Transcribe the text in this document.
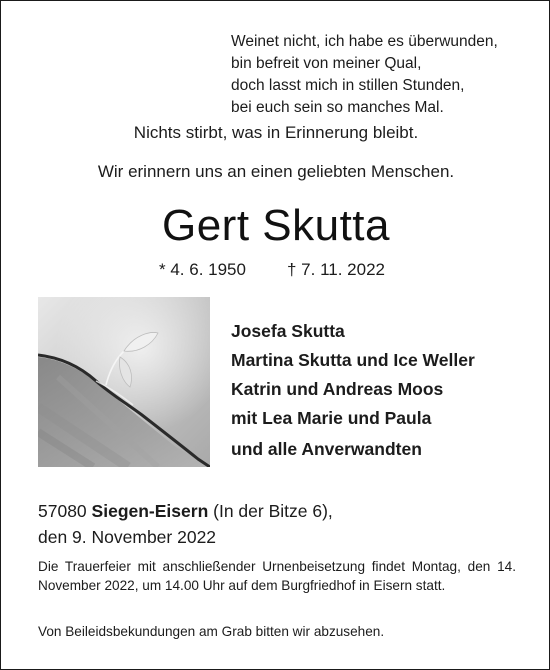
Weinet nicht, ich habe es überwunden,
bin befreit von meiner Qual,
doch lasst mich in stillen Stunden,
bei euch sein so manches Mal.
Nichts stirbt, was in Erinnerung bleibt.
Wir erinnern uns an einen geliebten Menschen.
Gert Skutta
* 4. 6. 1950 † 7. 11. 2022
Josefa Skutta
Martina Skutta und Ice Weller
Katrin und Andreas Moos
mit Lea Marie und Paula
und alle Anverwandten
57080 Siegen-Eisern (In der Bitze 6),
den 9. November 2022
Die Trauerfeier mit anschließender Urnenbeisetzung findet Montag, den 14. November 2022, um 14.00 Uhr auf dem Burgfriedhof in Eisern statt.
Von Beileidsbekundungen am Grab bitten wir abzusehen.
